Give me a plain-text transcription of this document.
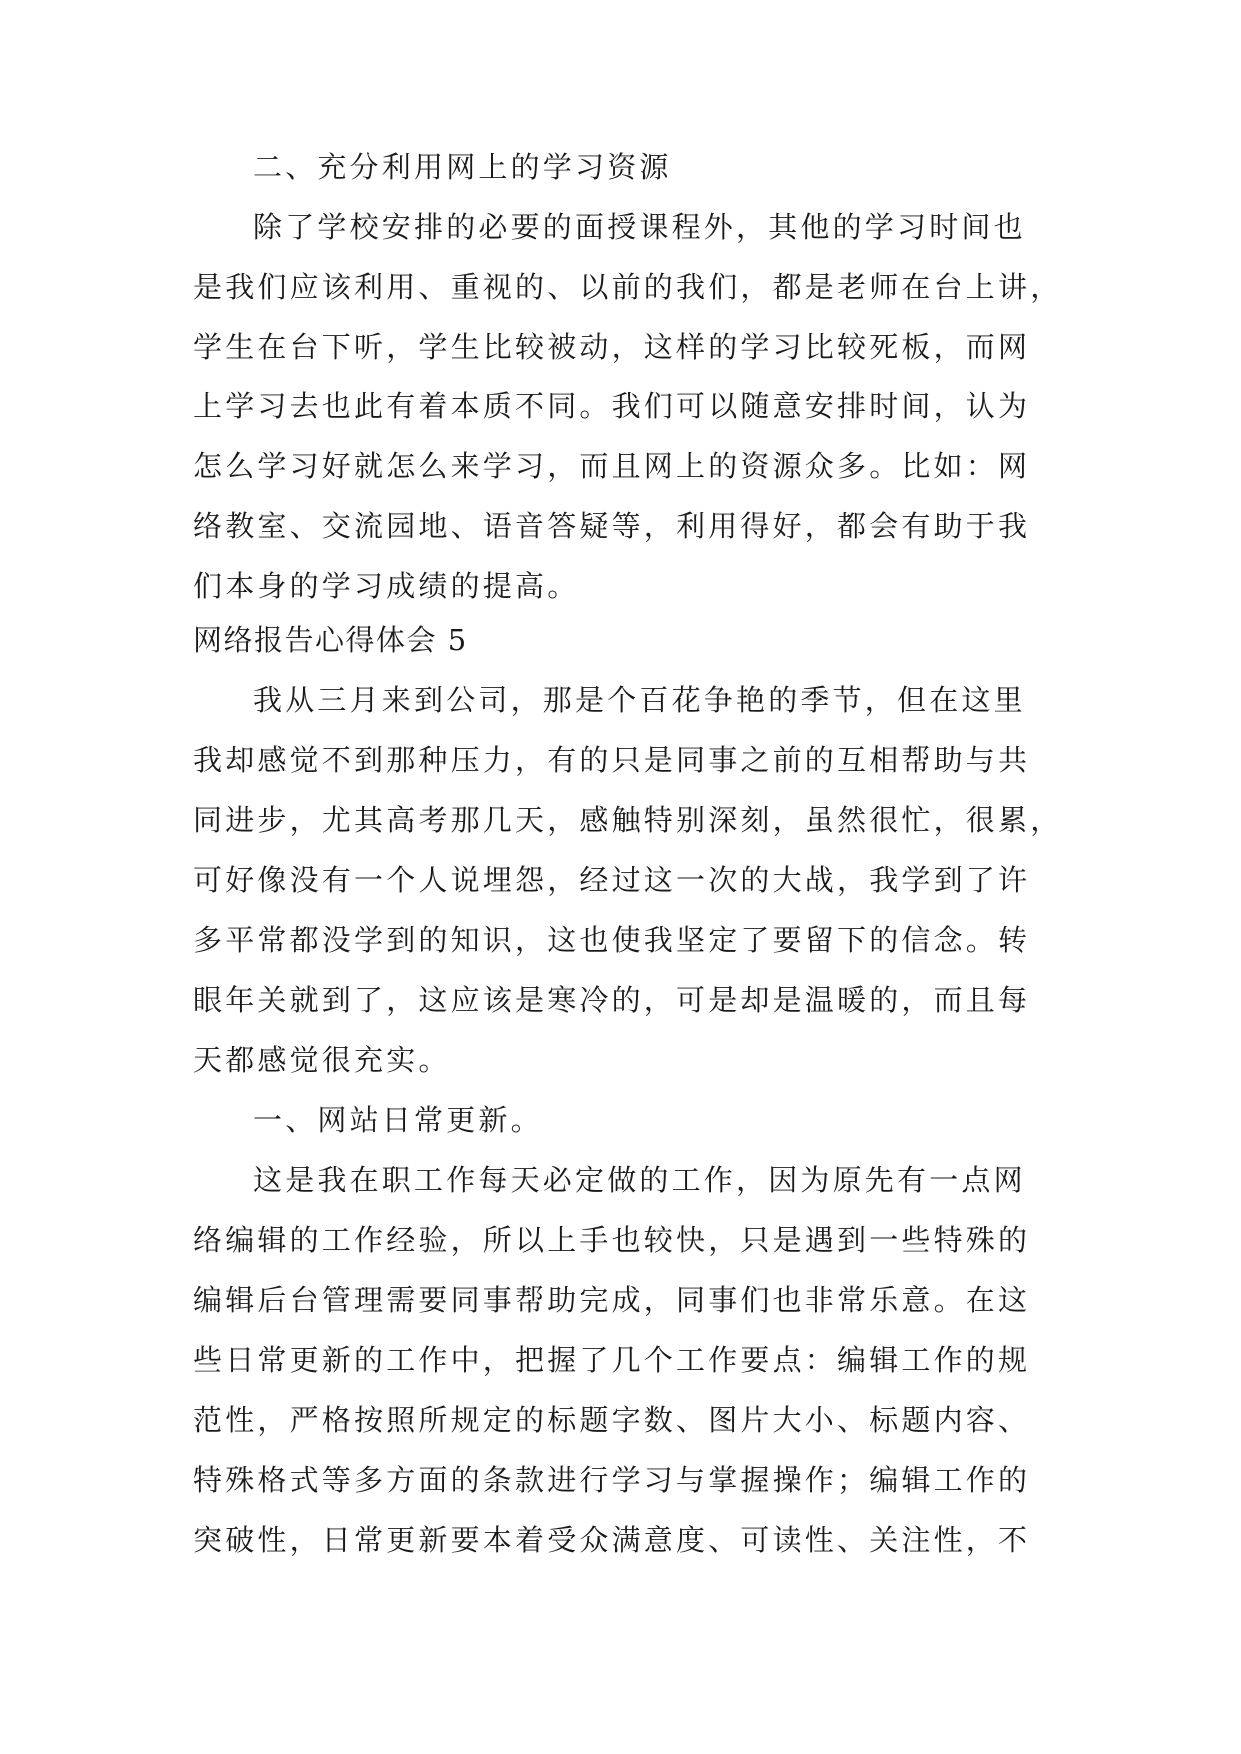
二、充分利用网上的学习资源
除了学校安排的必要的面授课程外，其他的学习时间也
是我们应该利用、重视的、以前的我们，都是老师在台上讲，
学生在台下听，学生比较被动，这样的学习比较死板，而网
上学习去也此有着本质不同。我们可以随意安排时间，认为
怎么学习好就怎么来学习，而且网上的资源众多。比如：网
络教室、交流园地、语音答疑等，利用得好，都会有助于我
们本身的学习成绩的提高。
网络报告心得体会 5
我从三月来到公司，那是个百花争艳的季节，但在这里
我却感觉不到那种压力，有的只是同事之前的互相帮助与共
同进步，尤其高考那几天，感触特别深刻，虽然很忙，很累，
可好像没有一个人说埋怨，经过这一次的大战，我学到了许
多平常都没学到的知识，这也使我坚定了要留下的信念。转
眼年关就到了，这应该是寒冷的，可是却是温暖的，而且每
天都感觉很充实。
一、网站日常更新。
这是我在职工作每天必定做的工作，因为原先有一点网
络编辑的工作经验，所以上手也较快，只是遇到一些特殊的
编辑后台管理需要同事帮助完成，同事们也非常乐意。在这
些日常更新的工作中，把握了几个工作要点：编辑工作的规
范性，严格按照所规定的标题字数、图片大小、标题内容、
特殊格式等多方面的条款进行学习与掌握操作；编辑工作的
突破性，日常更新要本着受众满意度、可读性、关注性，不
